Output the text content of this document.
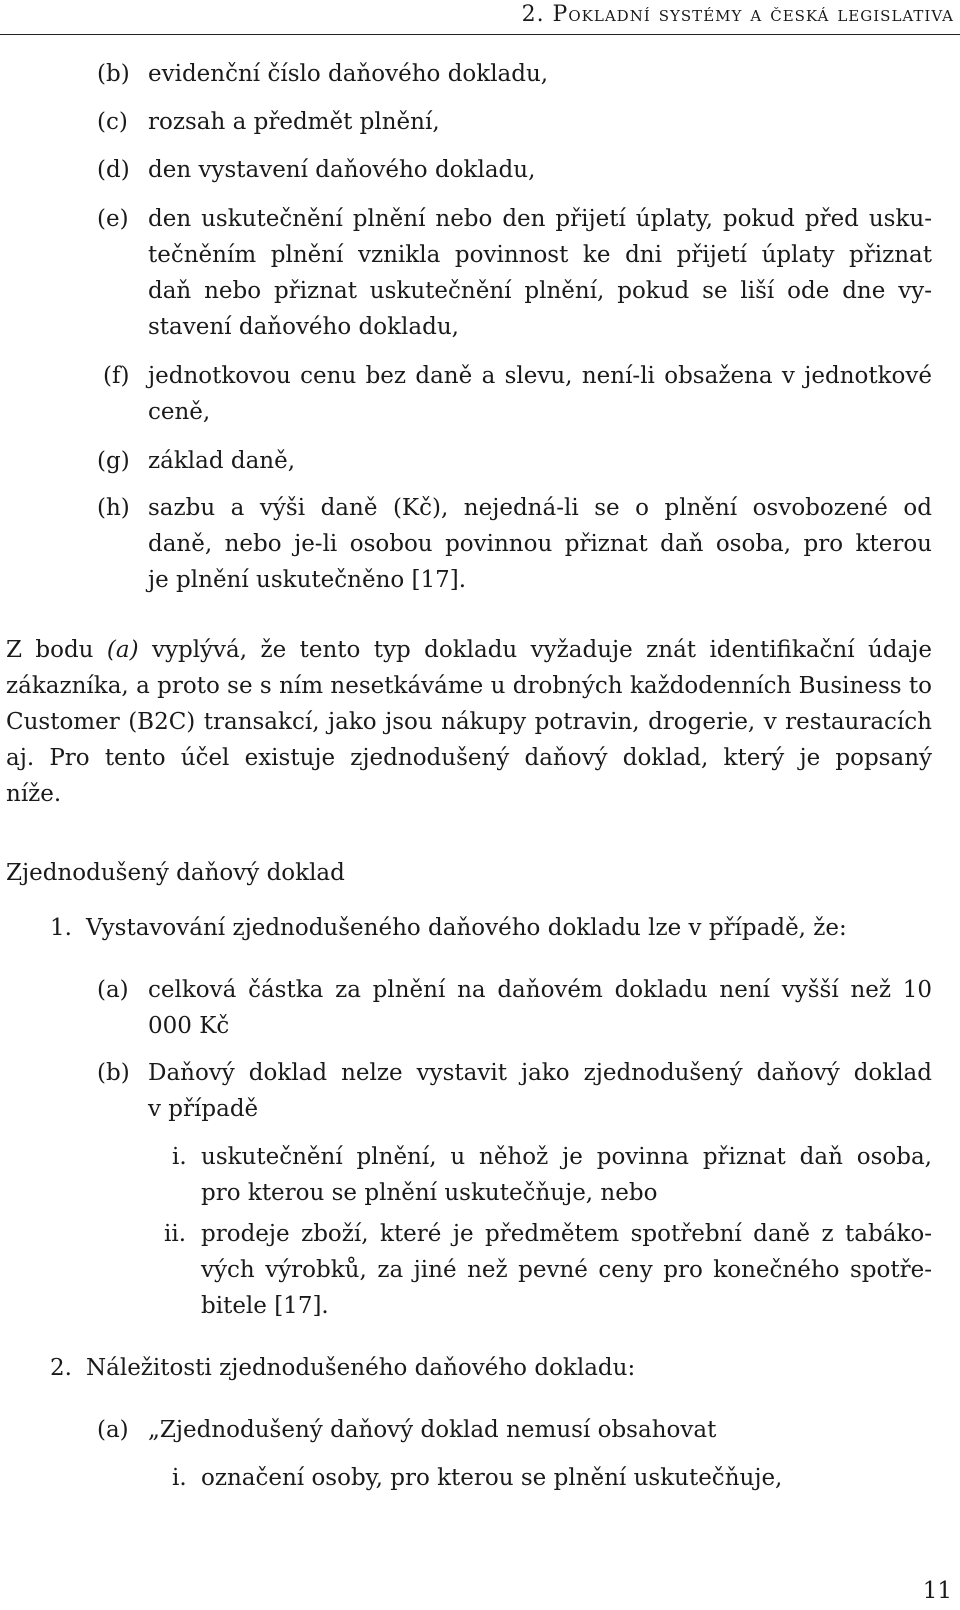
2. Pokladní systémy a česká legislativa
(b) evidenční číslo daňového dokladu,
(c) rozsah a předmět plnění,
(d) den vystavení daňového dokladu,
(e) den uskutečnění plnění nebo den přijetí úplaty, pokud před usku-
tečněním plnění vznikla povinnost ke dni přijetí úplaty přiznat
daň nebo přiznat uskutečnění plnění, pokud se liší ode dne vy-
stavení daňového dokladu,
(f) jednotkovou cenu bez daně a slevu, není-li obsažena v jednotkové
ceně,
(g) základ daně,
(h) sazbu a výši daně (Kč), nejedná-li se o plnění osvobozené od
daně, nebo je-li osobou povinnou přiznat daň osoba, pro kterou
je plnění uskutečněno [17].
Z bodu (a) vyplývá, že tento typ dokladu vyžaduje znát identifikační údaje
zákazníka, a proto se s ním nesetkáváme u drobných každodenních Business to
Customer (B2C) transakcí, jako jsou nákupy potravin, drogerie, v restauracích
aj. Pro tento účel existuje zjednodušený daňový doklad, který je popsaný
níže.
Zjednodušený daňový doklad
1. Vystavování zjednodušeného daňového dokladu lze v případě, že:
(a) celková částka za plnění na daňovém dokladu není vyšší než 10
000 Kč
(b) Daňový doklad nelze vystavit jako zjednodušený daňový doklad
v případě
i. uskutečnění plnění, u něhož je povinna přiznat daň osoba,
pro kterou se plnění uskutečňuje, nebo
ii. prodeje zboží, které je předmětem spotřební daně z tabáko-
vých výrobků, za jiné než pevné ceny pro konečného spotře-
bitele [17].
2. Náležitosti zjednodušeného daňového dokladu:
(a) „Zjednodušený daňový doklad nemusí obsahovat
i. označení osoby, pro kterou se plnění uskutečňuje,
11
